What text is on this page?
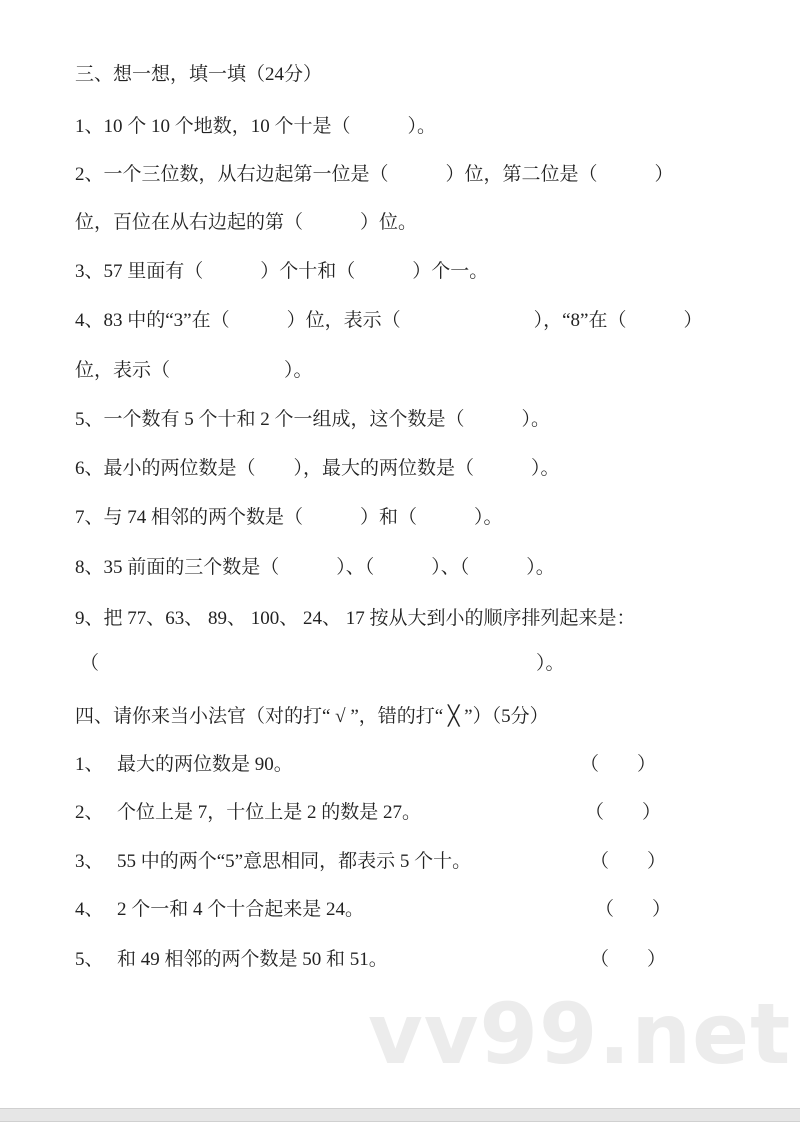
三、想一想，填一填（24分）
1、10 个 10 个地数，10 个十是（　　　）。
2、一个三位数，从右边起第一位是（　　　）位，第二位是（　　　）
位，百位在从右边起的第（　　　）位。
3、57 里面有（　　　）个十和（　　　）个一。
4、83 中的“3”在（　　　）位，表示（　　　　　　　），“8”在（　　　）
位，表示（　　　　　　）。
5、一个数有 5 个十和 2 个一组成，这个数是（　　　）。
6、最小的两位数是（　　），最大的两位数是（　　　）。
7、与 74 相邻的两个数是（　　　）和（　　　）。
8、35 前面的三个数是（　　　）、（　　　）、（　　　）。
9、把 77、63、 89、 100、 24、 17 按从大到小的顺序排列起来是：
（　　　　　　　　　　　　　　　　　　　　　　　）。
四、请你来当小法官（对的打“ √ ”，错的打“ ╳ ”）（5分）
1、 最大的两位数是 90。	（　　）
2、 个位上是 7，十位上是 2 的数是 27。	（　　）
3、 55 中的两个“5”意思相同，都表示 5 个十。	（　　）
4、 2 个一和 4 个十合起来是 24。	（　　）
5、 和 49 相邻的两个数是 50 和 51。	（　　）
vv99.net
